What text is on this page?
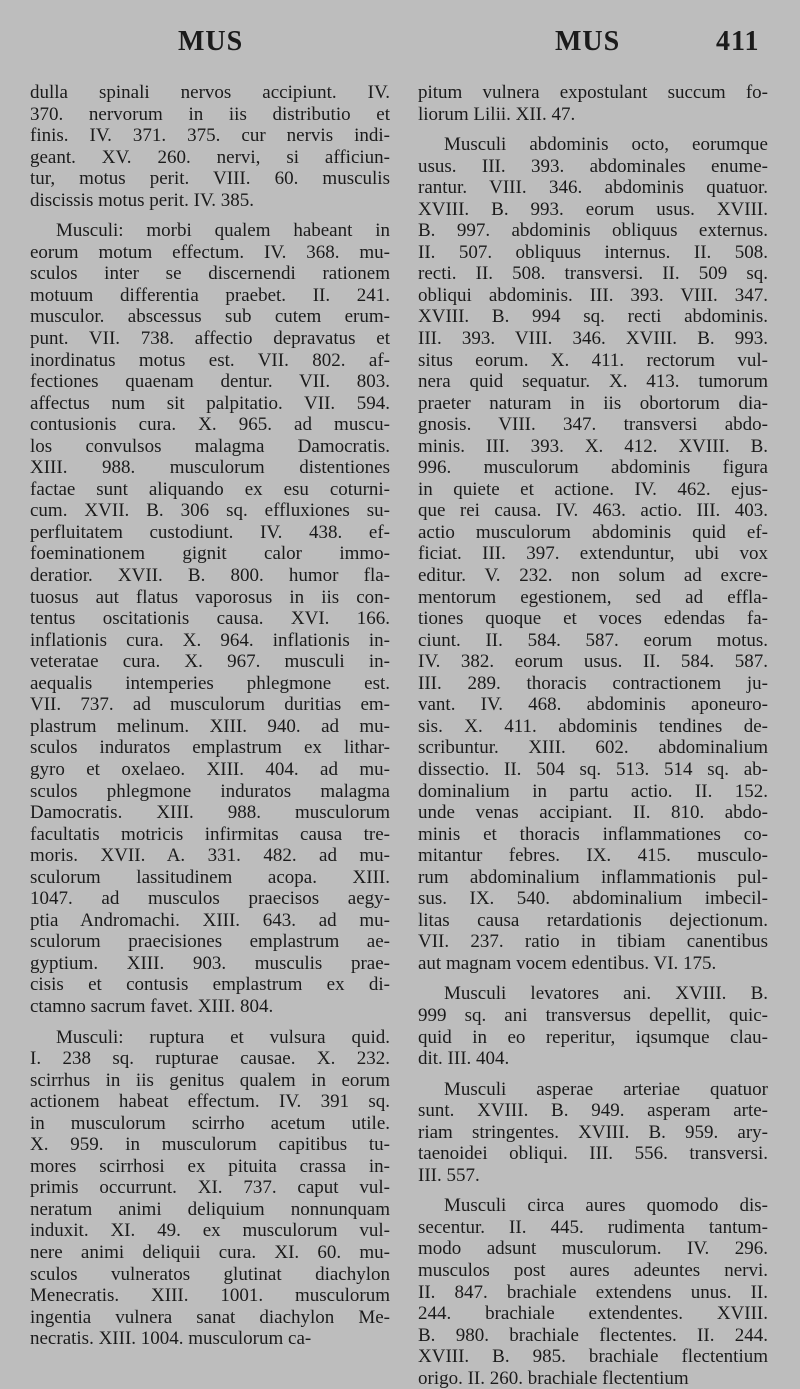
MUS	MUS	411
dulla spinali nervos accipiunt. IV.
370. nervorum in iis distributio et
finis. IV. 371. 375. cur nervis indi-
geant. XV. 260. nervi, si afficiun-
tur, motus perit. VIII. 60. musculis
discissis motus perit. IV. 385.
Musculi: morbi qualem habeant in
eorum motum effectum. IV. 368. mu-
sculos inter se discernendi rationem
motuum differentia praebet. II. 241.
musculor. abscessus sub cutem erum-
punt. VII. 738. affectio depravatus et
inordinatus motus est. VII. 802. af-
fectiones quaenam dentur. VII. 803.
affectus num sit palpitatio. VII. 594.
contusionis cura. X. 965. ad muscu-
los convulsos malagma Damocratis.
XIII. 988. musculorum distentiones
factae sunt aliquando ex esu coturni-
cum. XVII. B. 306 sq. effluxiones su-
perfluitatem custodiunt. IV. 438. ef-
foeminationem gignit calor immo-
deratior. XVII. B. 800. humor fla-
tuosus aut flatus vaporosus in iis con-
tentus oscitationis causa. XVI. 166.
inflationis cura. X. 964. inflationis in-
veteratae cura. X. 967. musculi in-
aequalis intemperies phlegmone est.
VII. 737. ad musculorum duritias em-
plastrum melinum. XIII. 940. ad mu-
sculos induratos emplastrum ex lithar-
gyro et oxelaeo. XIII. 404. ad mu-
sculos phlegmone induratos malagma
Damocratis. XIII. 988. musculorum
facultatis motricis infirmitas causa tre-
moris. XVII. A. 331. 482. ad mu-
sculorum lassitudinem acopa. XIII.
1047. ad musculos praecisos aegy-
ptia Andromachi. XIII. 643. ad mu-
sculorum praecisiones emplastrum ae-
gyptium. XIII. 903. musculis prae-
cisis et contusis emplastrum ex di-
ctamno sacrum favet. XIII. 804.
Musculi: ruptura et vulsura quid.
I. 238 sq. rupturae causae. X. 232.
scirrhus in iis genitus qualem in eorum
actionem habeat effectum. IV. 391 sq.
in musculorum scirrho acetum utile.
X. 959. in musculorum capitibus tu-
mores scirrhosi ex pituita crassa in-
primis occurrunt. XI. 737. caput vul-
neratum animi deliquium nonnunquam
induxit. XI. 49. ex musculorum vul-
nere animi deliquii cura. XI. 60. mu-
sculos vulneratos glutinat diachylon
Menecratis. XIII. 1001. musculorum
ingentia vulnera sanat diachylon Me-
necratis. XIII. 1004. musculorum ca-
pitum vulnera expostulant succum fo-
liorum Lilii. XII. 47.
Musculi abdominis octo, eorumque
usus. III. 393. abdominales enume-
rantur. VIII. 346. abdominis quatuor.
XVIII. B. 993. eorum usus. XVIII.
B. 997. abdominis obliquus externus.
II. 507. obliquus internus. II. 508.
recti. II. 508. transversi. II. 509 sq.
obliqui abdominis. III. 393. VIII. 347.
XVIII. B. 994 sq. recti abdominis.
III. 393. VIII. 346. XVIII. B. 993.
situs eorum. X. 411. rectorum vul-
nera quid sequatur. X. 413. tumorum
praeter naturam in iis obortorum dia-
gnosis. VIII. 347. transversi abdo-
minis. III. 393. X. 412. XVIII. B.
996. musculorum abdominis figura
in quiete et actione. IV. 462. ejus-
que rei causa. IV. 463. actio. III. 403.
actio musculorum abdominis quid ef-
ficiat. III. 397. extenduntur, ubi vox
editur. V. 232. non solum ad excre-
mentorum egestionem, sed ad effla-
tiones quoque et voces edendas fa-
ciunt. II. 584. 587. eorum motus.
IV. 382. eorum usus. II. 584. 587.
III. 289. thoracis contractionem ju-
vant. IV. 468. abdominis aponeuro-
sis. X. 411. abdominis tendines de-
scribuntur. XIII. 602. abdominalium
dissectio. II. 504 sq. 513. 514 sq. ab-
dominalium in partu actio. II. 152.
unde venas accipiant. II. 810. abdo-
minis et thoracis inflammationes co-
mitantur febres. IX. 415. musculo-
rum abdominalium inflammationis pul-
sus. IX. 540. abdominalium imbecil-
litas causa retardationis dejectionum.
VII. 237. ratio in tibiam canentibus
aut magnam vocem edentibus. VI. 175.
Musculi levatores ani. XVIII. B.
999 sq. ani transversus depellit, quic-
quid in eo reperitur, iqsumque clau-
dit. III. 404.
Musculi asperae arteriae quatuor
sunt. XVIII. B. 949. asperam arte-
riam stringentes. XVIII. B. 959. ary-
taenoidei obliqui. III. 556. transversi.
III. 557.
Musculi circa aures quomodo dis-
secentur. II. 445. rudimenta tantum-
modo adsunt musculorum. IV. 296.
musculos post aures adeuntes nervi.
II. 847. brachiale extendens unus. II.
244. brachiale extendentes. XVIII.
B. 980. brachiale flectentes. II. 244.
XVIII. B. 985. brachiale flectentium
origo. II. 260. brachiale flectentium
